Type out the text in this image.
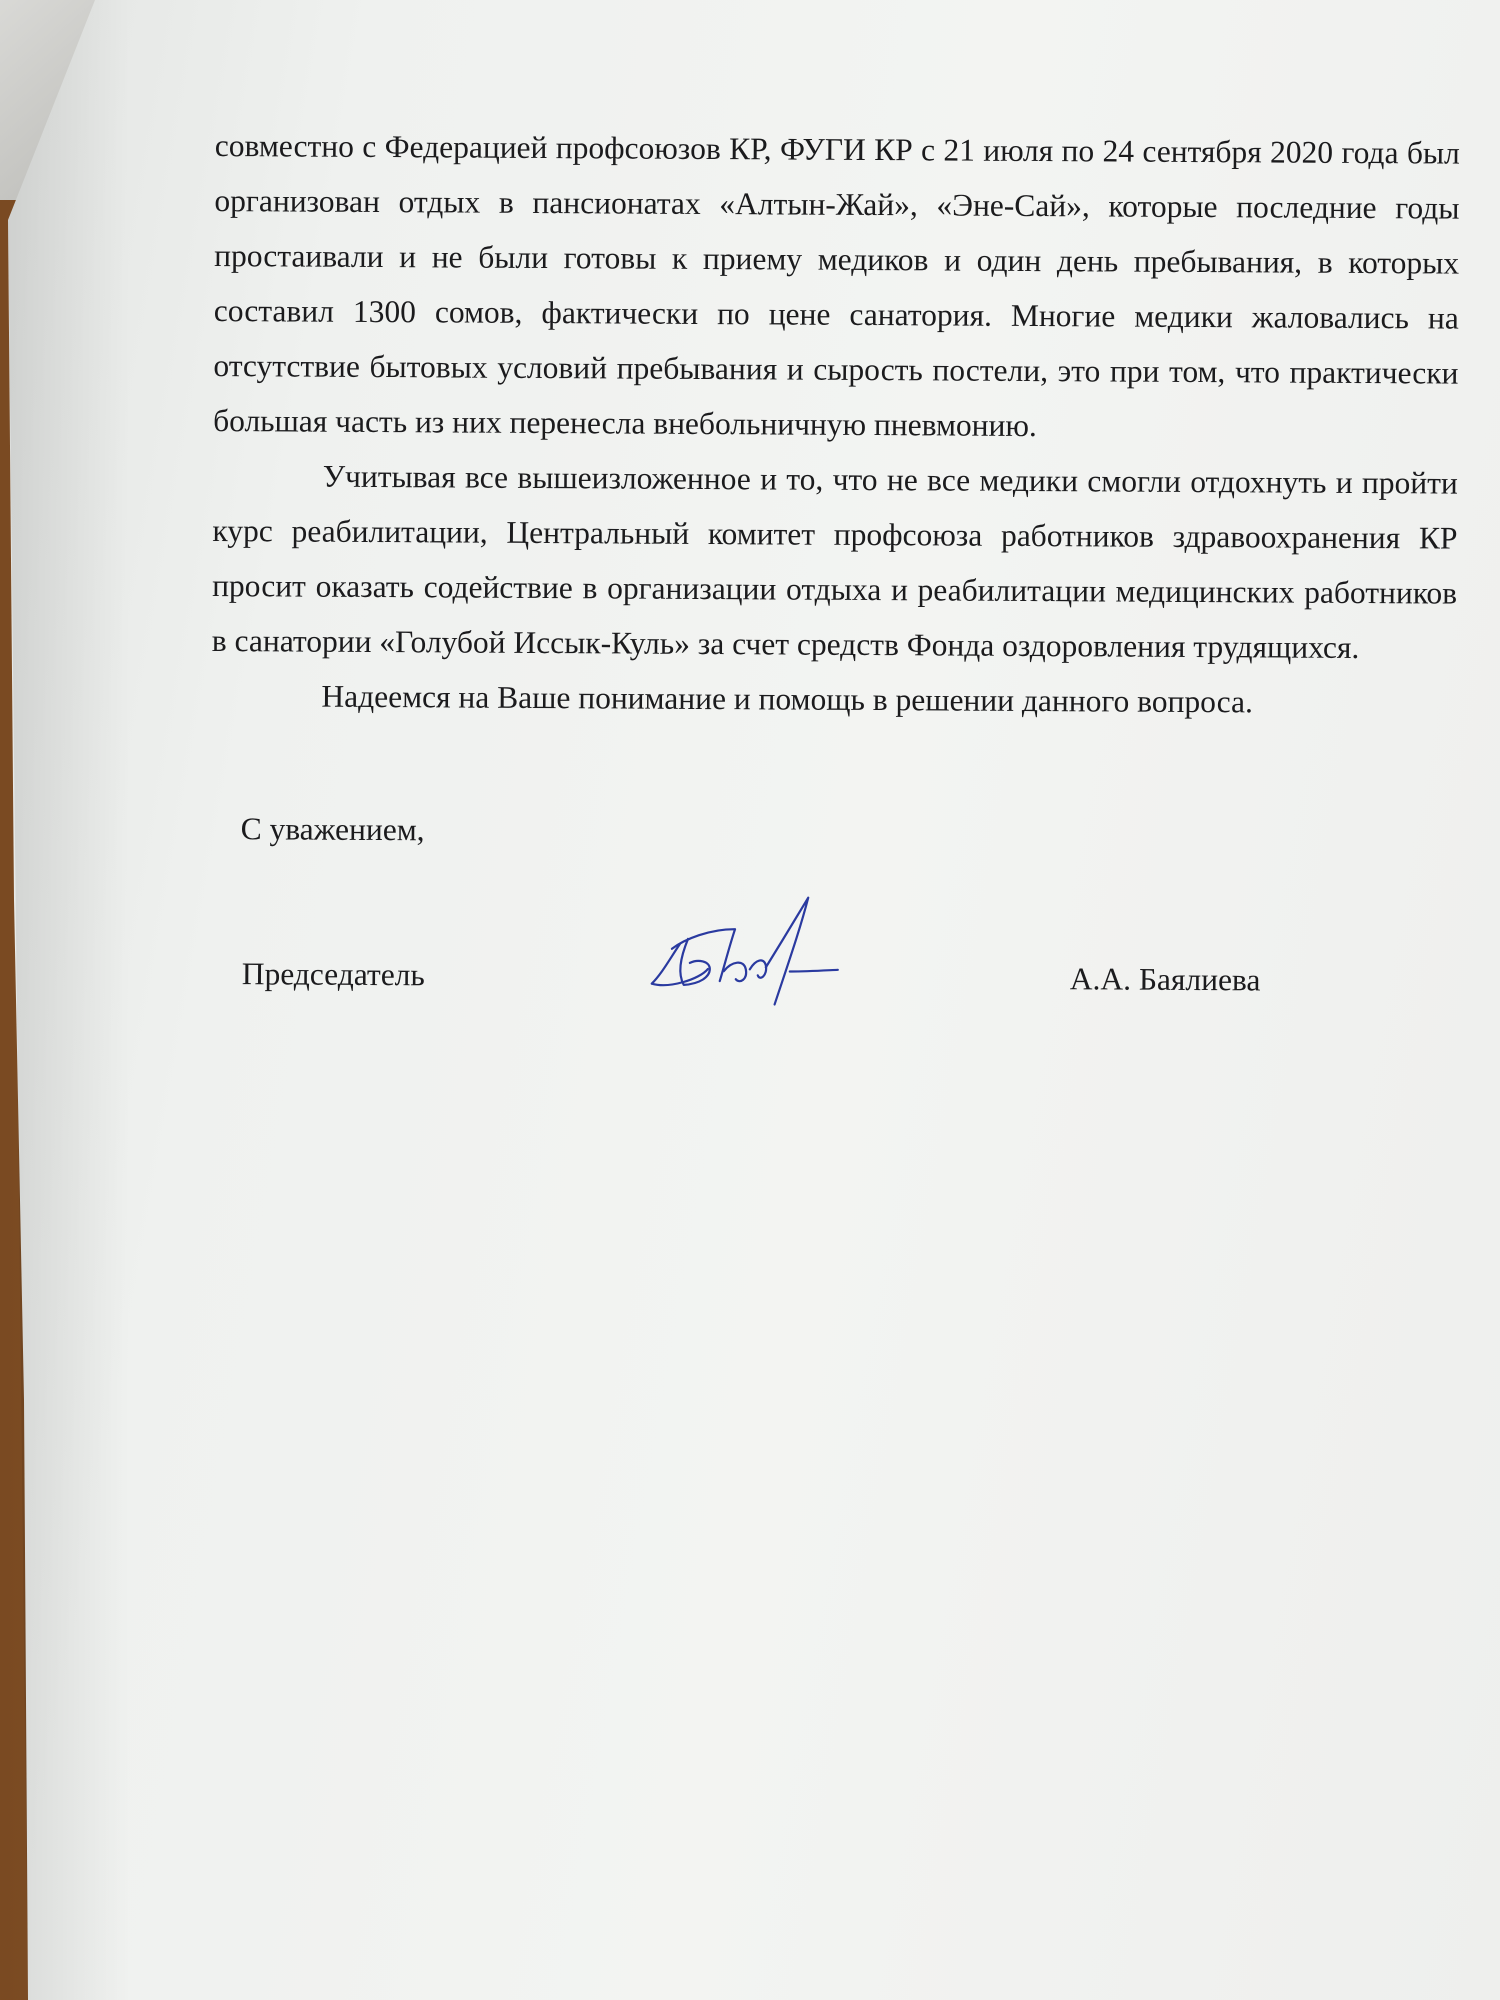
совместно с Федерацией профсоюзов КР, ФУГИ КР с 21 июля по 24 сентября 2020 года был организован отдых в пансионатах «Алтын-Жай», «Эне-Сай», которые последние годы простаивали и не были готовы к приему медиков и один день пребывания, в которых составил 1300 сомов, фактически по цене санатория. Многие медики жаловались на отсутствие бытовых условий пребывания и сырость постели, это при том, что практически большая часть из них перенесла внебольничную пневмонию.

Учитывая все вышеизложенное и то, что не все медики смогли отдохнуть и пройти курс реабилитации, Центральный комитет профсоюза работников здравоохранения КР просит оказать содействие в организации отдыха и реабилитации медицинских работников в санатории «Голубой Иссык-Куль» за счет средств Фонда оздоровления трудящихся.

Надеемся на Ваше понимание и помощь в решении данного вопроса.

С уважением,

Председатель	А.А. Баялиева
